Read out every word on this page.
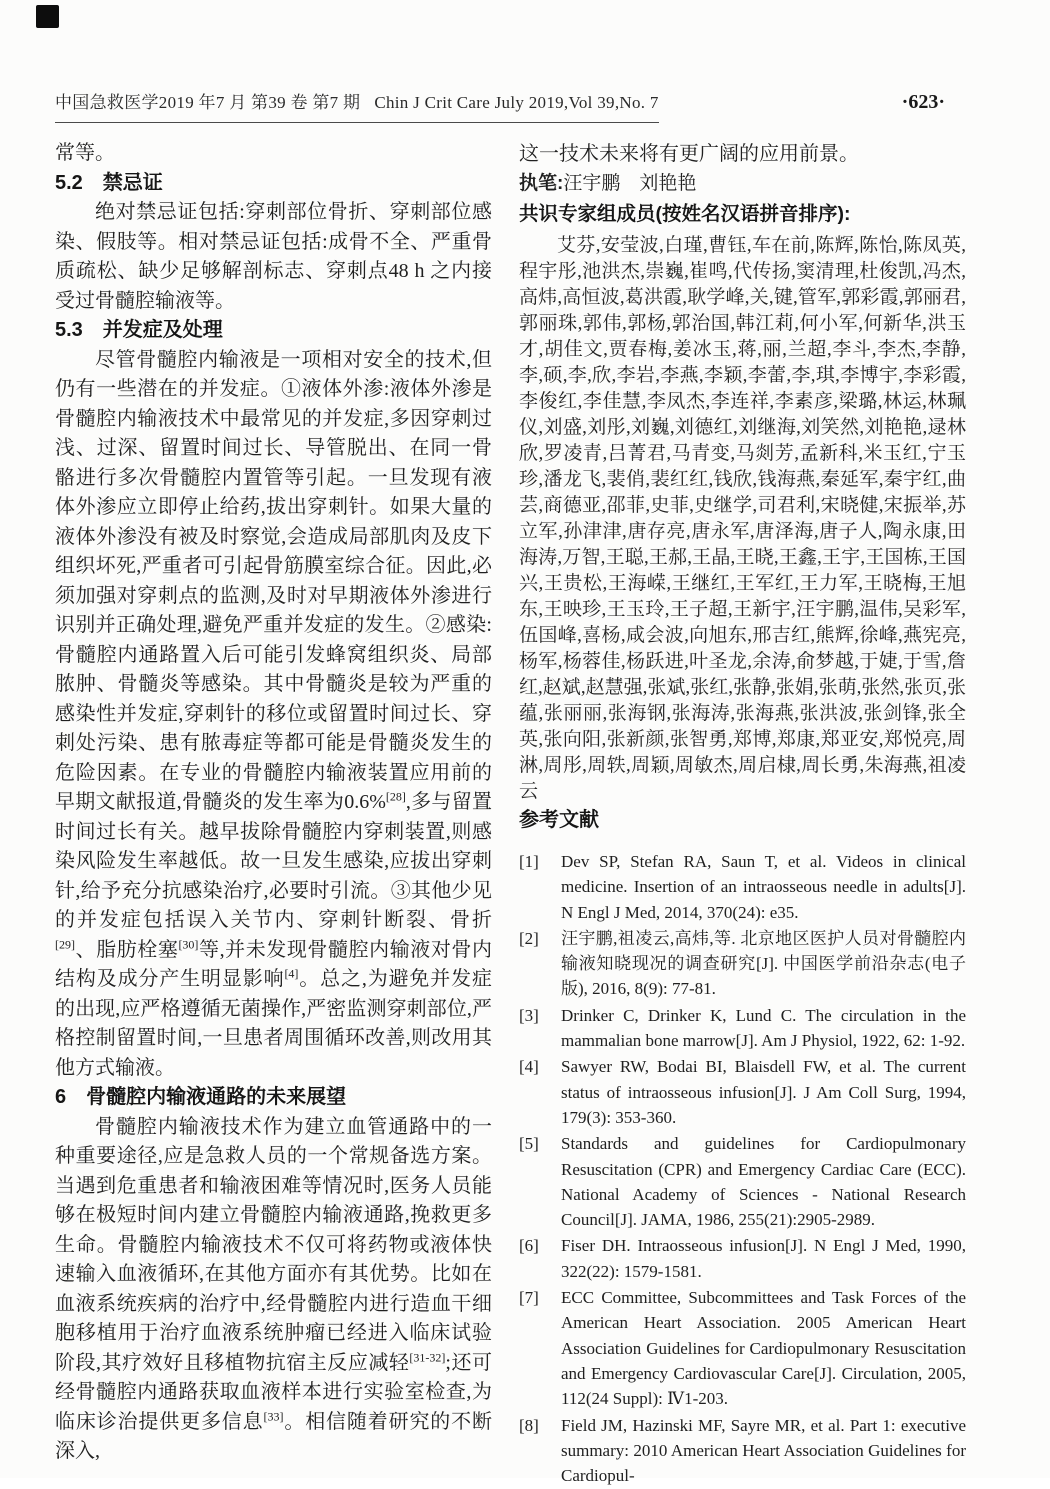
中国急救医学2019 年7 月 第39 卷 第7 期 Chin J Crit Care July 2019,Vol 39,No. 7	·623·

常等。

5.2　禁忌证

绝对禁忌证包括:穿刺部位骨折、穿刺部位感染、假肢等。相对禁忌证包括:成骨不全、严重骨质疏松、缺少足够解剖标志、穿刺点48 h 之内接受过骨髓腔输液等。

5.3　并发症及处理

尽管骨髓腔内输液是一项相对安全的技术,但仍有一些潜在的并发症。①液体外渗:液体外渗是骨髓腔内输液技术中最常见的并发症,多因穿刺过浅、过深、留置时间过长、导管脱出、在同一骨骼进行多次骨髓腔内置管等引起。一旦发现有液体外渗应立即停止给药,拔出穿刺针。如果大量的液体外渗没有被及时察觉,会造成局部肌肉及皮下组织坏死,严重者可引起骨筋膜室综合征。因此,必须加强对穿刺点的监测,及时对早期液体外渗进行识别并正确处理,避免严重并发症的发生。②感染:骨髓腔内通路置入后可能引发蜂窝组织炎、局部脓肿、骨髓炎等感染。其中骨髓炎是较为严重的感染性并发症,穿刺针的移位或留置时间过长、穿刺处污染、患有脓毒症等都可能是骨髓炎发生的危险因素。在专业的骨髓腔内输液装置应用前的早期文献报道,骨髓炎的发生率为0.6%[28],多与留置时间过长有关。越早拔除骨髓腔内穿刺装置,则感染风险发生率越低。故一旦发生感染,应拔出穿刺针,给予充分抗感染治疗,必要时引流。③其他少见的并发症包括误入关节内、穿刺针断裂、骨折[29]、脂肪栓塞[30]等,并未发现骨髓腔内输液对骨内结构及成分产生明显影响[4]。总之,为避免并发症的出现,应严格遵循无菌操作,严密监测穿刺部位,严格控制留置时间,一旦患者周围循环改善,则改用其他方式输液。

6　骨髓腔内输液通路的未来展望

骨髓腔内输液技术作为建立血管通路中的一种重要途径,应是急救人员的一个常规备选方案。当遇到危重患者和输液困难等情况时,医务人员能够在极短时间内建立骨髓腔内输液通路,挽救更多生命。骨髓腔内输液技术不仅可将药物或液体快速输入血液循环,在其他方面亦有其优势。比如在血液系统疾病的治疗中,经骨髓腔内进行造血干细胞移植用于治疗血液系统肿瘤已经进入临床试验阶段,其疗效好且移植物抗宿主反应减轻[31-32];还可经骨髓腔内通路获取血液样本进行实验室检查,为临床诊治提供更多信息[33]。相信随着研究的不断深入,

这一技术未来将有更广阔的应用前景。

执笔:汪宇鹏　刘艳艳

共识专家组成员(按姓名汉语拼音排序):

艾芬,安莹波,白瑾,曹钰,车在前,陈辉,陈怡,陈凤英,程宇彤,池洪杰,崇巍,崔鸣,代传扬,窦清理,杜俊凯,冯杰,高炜,高恒波,葛洪霞,耿学峰,关,键,管军,郭彩霞,郭丽君,郭丽珠,郭伟,郭杨,郭治国,韩江莉,何小军,何新华,洪玉才,胡佳文,贾春梅,姜冰玉,蒋,丽,兰超,李斗,李杰,李静,李,硕,李,欣,李岩,李燕,李颖,李蕾,李,琪,李博宇,李彩霞,李俊红,李佳慧,李凤杰,李连祥,李素彦,梁璐,林运,林珮仪,刘盛,刘彤,刘巍,刘德红,刘继海,刘笑然,刘艳艳,逯林欣,罗凌青,吕菁君,马青变,马剡芳,孟新科,米玉红,宁玉珍,潘龙飞,裴俏,裴红红,钱欣,钱海燕,秦延军,秦宇红,曲芸,商德亚,邵菲,史菲,史继学,司君利,宋晓健,宋振举,苏立军,孙津津,唐存亮,唐永军,唐泽海,唐子人,陶永康,田海涛,万智,王聪,王郝,王晶,王晓,王鑫,王宇,王国栋,王国兴,王贵松,王海嵘,王继红,王军红,王力军,王晓梅,王旭东,王映珍,王玉玲,王子超,王新宇,汪宇鹏,温伟,吴彩军,伍国峰,喜杨,咸会波,向旭东,邢吉红,熊辉,徐峰,燕宪亮,杨军,杨蓉佳,杨跃进,叶圣龙,余涛,俞梦越,于婕,于雪,詹红,赵斌,赵慧强,张斌,张红,张静,张娟,张萌,张然,张页,张蕴,张丽丽,张海钢,张海涛,张海燕,张洪波,张剑锋,张全英,张向阳,张新颜,张智勇,郑博,郑康,郑亚安,郑悦亮,周淋,周彤,周轶,周颖,周敏杰,周启棣,周长勇,朱海燕,祖凌云

参考文献

[1]	Dev SP, Stefan RA, Saun T, et al. Videos in clinical medicine. Insertion of an intraosseous needle in adults[J]. N Engl J Med, 2014, 370(24): e35.
[2]	汪宇鹏,祖凌云,高炜,等. 北京地区医护人员对骨髓腔内输液知晓现况的调查研究[J]. 中国医学前沿杂志(电子版), 2016, 8(9): 77-81.
[3]	Drinker C, Drinker K, Lund C. The circulation in the mammalian bone marrow[J]. Am J Physiol, 1922, 62: 1-92.
[4]	Sawyer RW, Bodai BI, Blaisdell FW, et al. The current status of intraosseous infusion[J]. J Am Coll Surg, 1994, 179(3): 353-360.
[5]	Standards and guidelines for Cardiopulmonary Resuscitation (CPR) and Emergency Cardiac Care (ECC). National Academy of Sciences - National Research Council[J]. JAMA, 1986, 255(21):2905-2989.
[6]	Fiser DH. Intraosseous infusion[J]. N Engl J Med, 1990, 322(22): 1579-1581.
[7]	ECC Committee, Subcommittees and Task Forces of the American Heart Association. 2005 American Heart Association Guidelines for Cardiopulmonary Resuscitation and Emergency Cardiovascular Care[J]. Circulation, 2005, 112(24 Suppl): Ⅳ1-203.
[8]	Field JM, Hazinski MF, Sayre MR, et al. Part 1: executive summary: 2010 American Heart Association Guidelines for Cardiopul-
